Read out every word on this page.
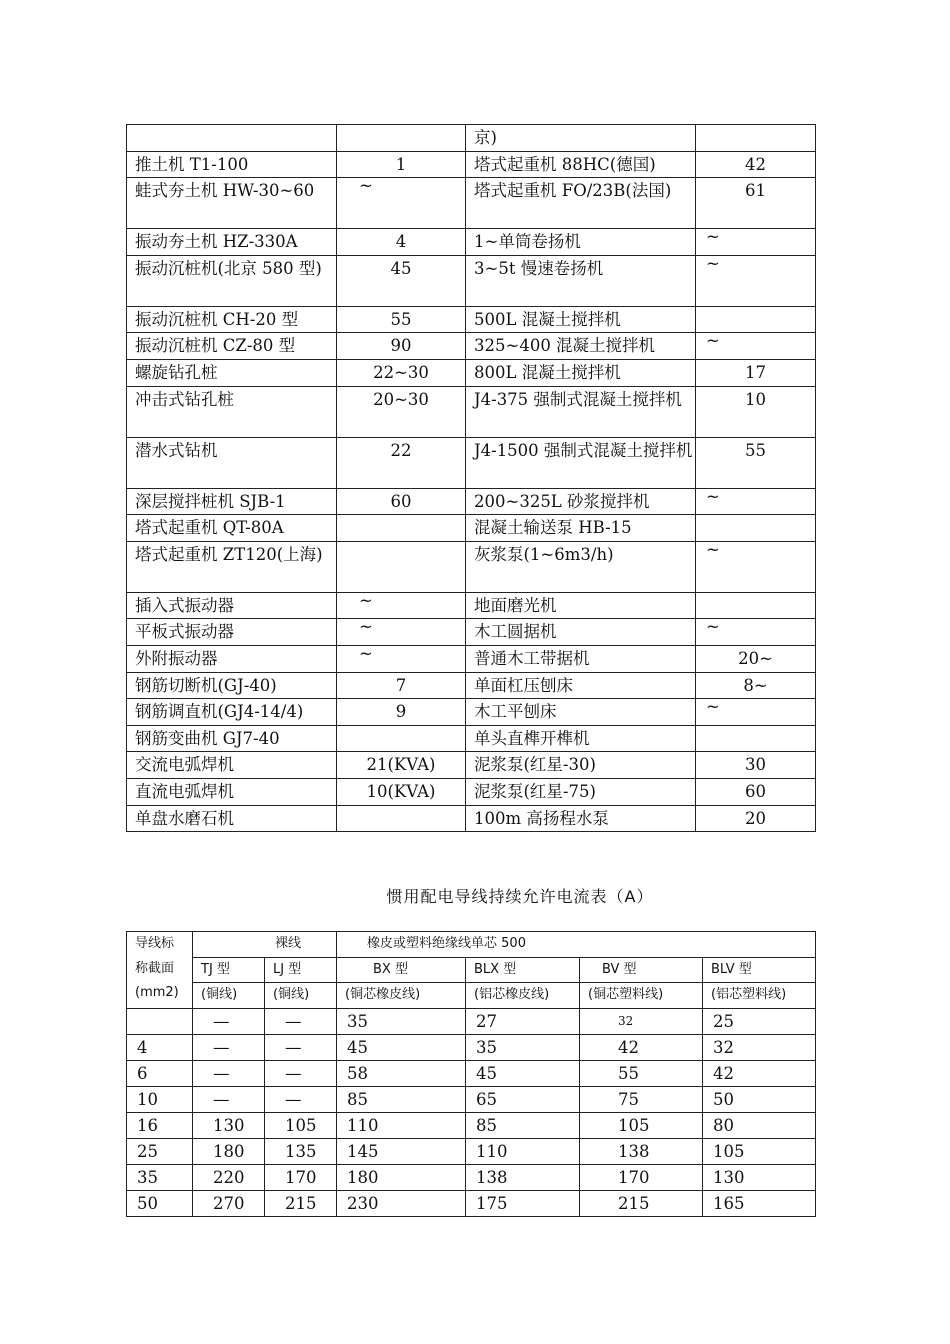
		京)	
推土机 T1-100	1	塔式起重机 88HC(德国)	42
蛙式夯土机 HW-30~60	~	塔式起重机 FO/23B(法国)	61
振动夯土机 HZ-330A	4	1~单筒卷扬机	~
振动沉桩机(北京 580 型)	45	3~5t 慢速卷扬机	~
振动沉桩机 CH-20 型	55	500L 混凝土搅拌机	
振动沉桩机 CZ-80 型	90	325~400 混凝土搅拌机	~
螺旋钻孔桩	22~30	800L 混凝土搅拌机	17
冲击式钻孔桩	20~30	J4-375 强制式混凝土搅拌机	10
潜水式钻机	22	J4-1500 强制式混凝土搅拌机	55
深层搅拌桩机 SJB-1	60	200~325L 砂浆搅拌机	~
塔式起重机 QT-80A		混凝土输送泵 HB-15	
塔式起重机 ZT120(上海)		灰浆泵(1~6m3/h)	~
插入式振动器	~	地面磨光机	
平板式振动器	~	木工圆据机	~
外附振动器	~	普通木工带据机	20~
钢筋切断机(GJ-40)	7	单面杠压刨床	8~
钢筋调直机(GJ4-14/4)	9	木工平刨床	~
钢筋变曲机 GJ7-40		单头直榫开榫机	
交流电弧焊机	21(KVA)	泥浆泵(红星-30)	30
直流电弧焊机	10(KVA)	泥浆泵(红星-75)	60
单盘水磨石机		100m 高扬程水泵	20
惯用配电导线持续允许电流表（A）
导线标
称截面
(mm2)	裸线		橡皮或塑料绝缘线单芯 500			
	TJ 型	LJ 型	BX 型	BLX 型	BV 型	BLV 型
	(铜线)	(铜线)	(铜芯橡皮线)	(铝芯橡皮线)	(铜芯塑料线)	(铝芯塑料线)
	—	—	35	27	32	25
4	—	—	45	35	42	32
6	—	—	58	45	55	42
10	—	—	85	65	75	50
16	130	105	110	85	105	80
25	180	135	145	110	138	105
35	220	170	180	138	170	130
50	270	215	230	175	215	165
